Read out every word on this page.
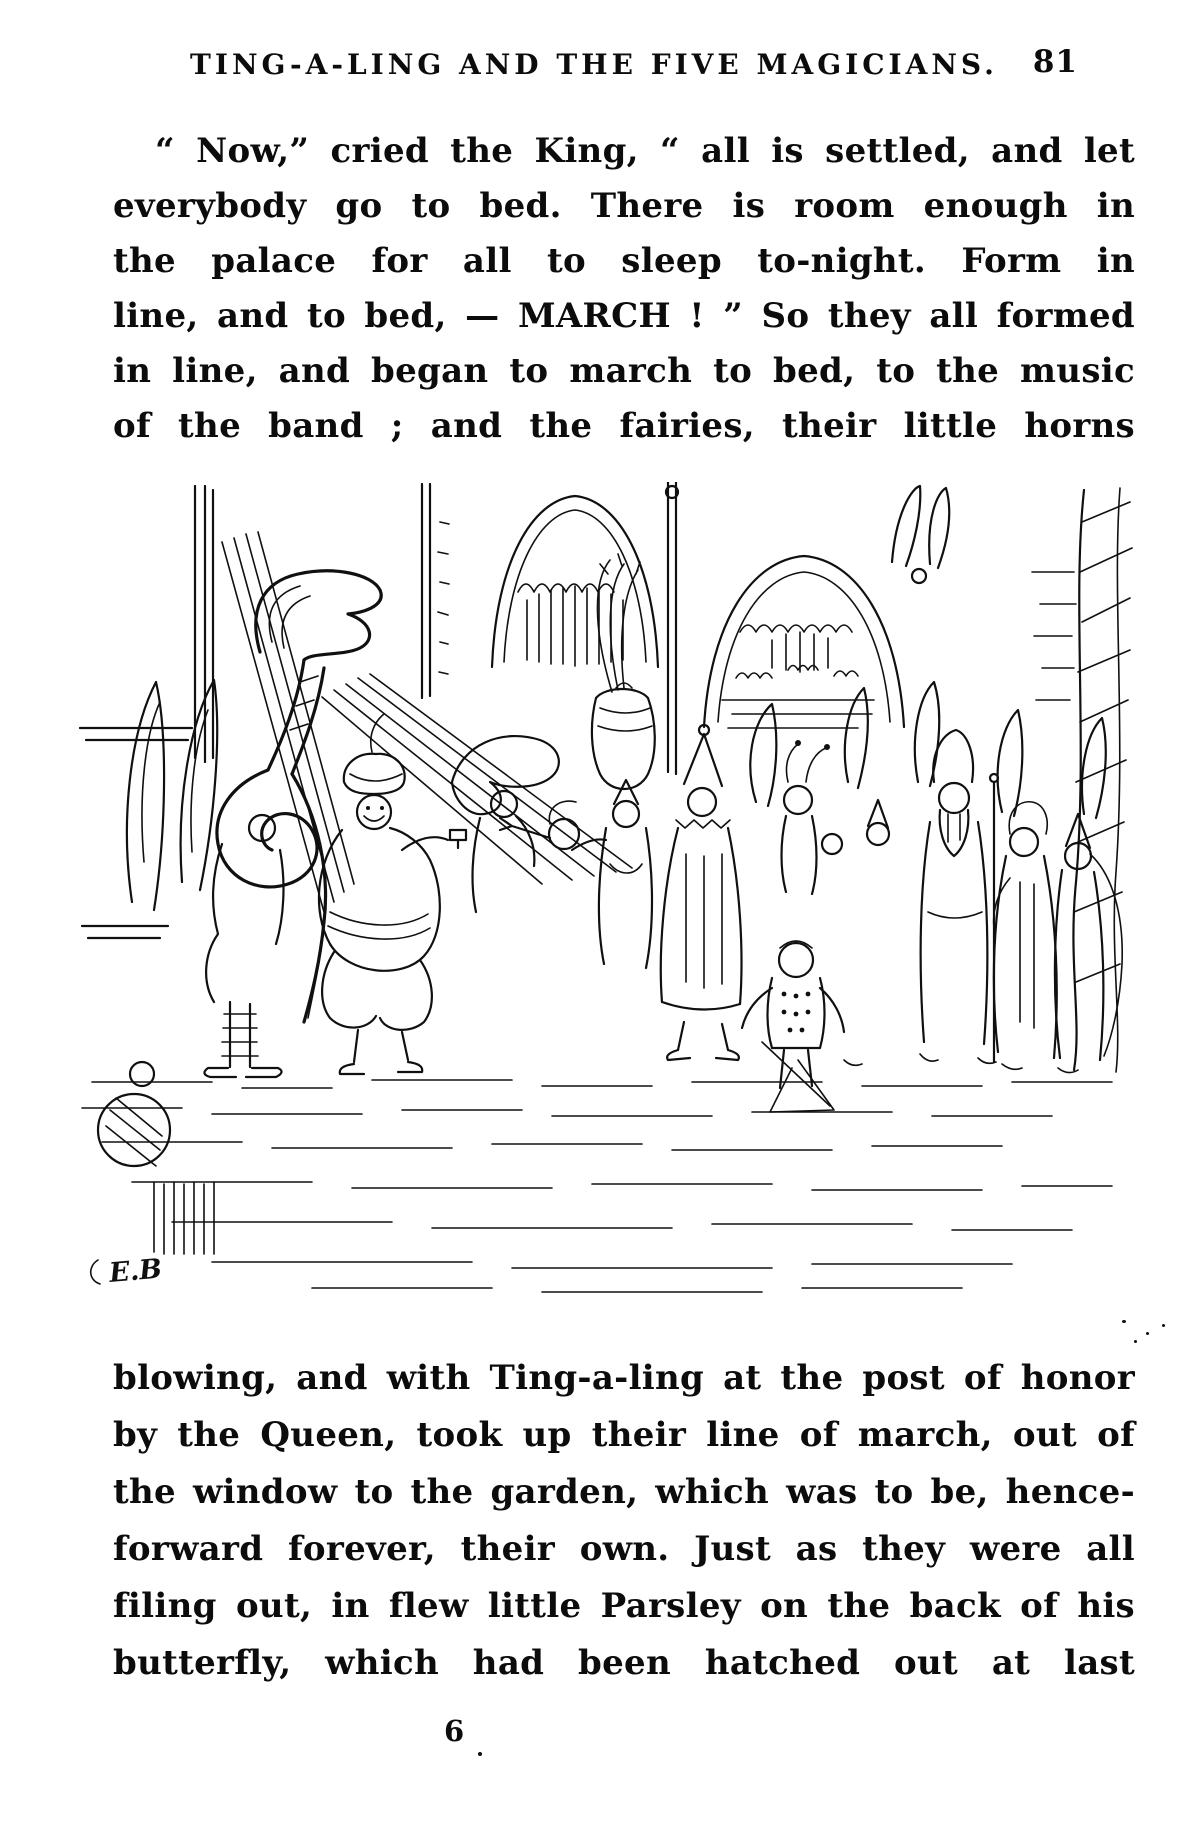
TING-A-LING AND THE FIVE MAGICIANS. 81
“ Now,” cried the King, “ all is settled, and let
everybody go to bed. There is room enough in
the palace for all to sleep to-night. Form in
line, and to bed, — MARCH ! ” So they all formed
in line, and began to march to bed, to the music
of the band ; and the fairies, their little horns
E.B
blowing, and with Ting-a-ling at the post of honor
by the Queen, took up their line of march, out of
the window to the garden, which was to be, hence-
forward forever, their own. Just as they were all
filing out, in flew little Parsley on the back of his
butterfly, which had been hatched out at last
6
